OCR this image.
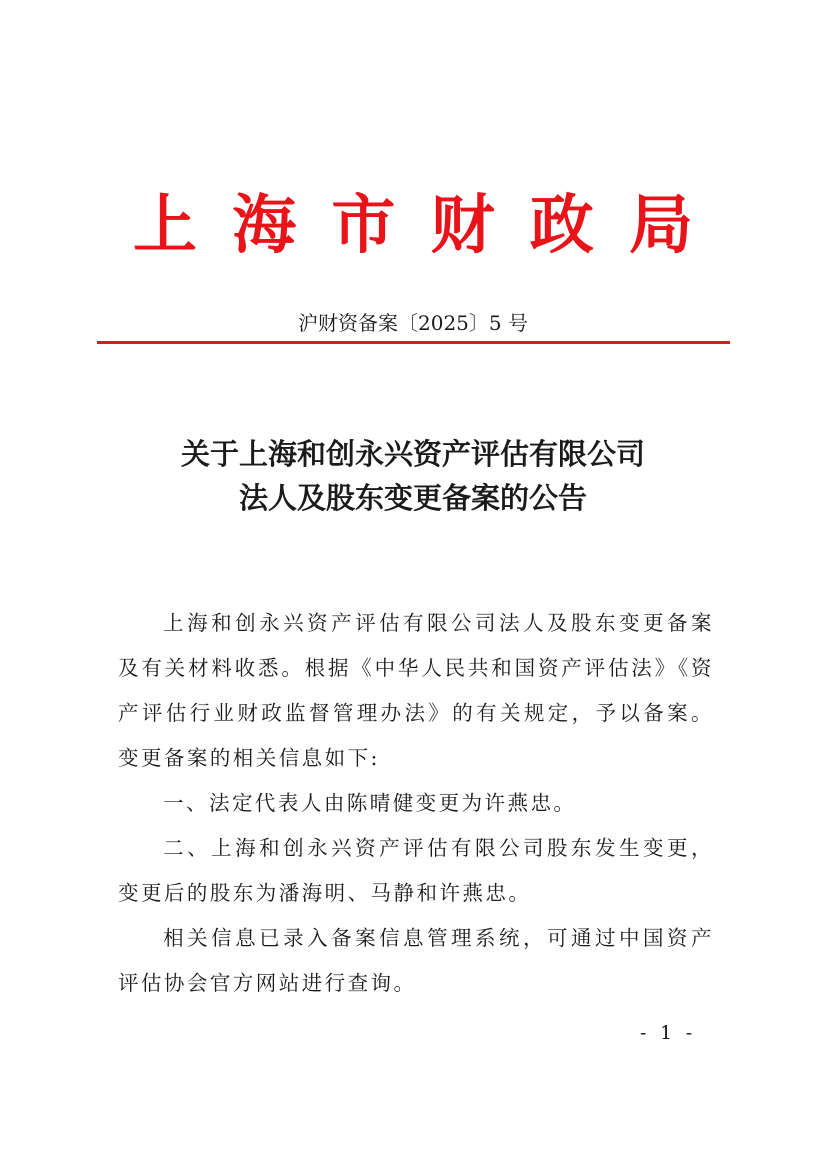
上海市财政局
沪财资备案〔2025〕5 号
关于上海和创永兴资产评估有限公司
法人及股东变更备案的公告

上海和创永兴资产评估有限公司法人及股东变更备案及有关材料收悉。根据《中华人民共和国资产评估法》《资产评估行业财政监督管理办法》的有关规定，予以备案。变更备案的相关信息如下:

一、法定代表人由陈晴健变更为许燕忠。

二、上海和创永兴资产评估有限公司股东发生变更，变更后的股东为潘海明、马静和许燕忠。

相关信息已录入备案信息管理系统，可通过中国资产评估协会官方网站进行查询。

- 1 -
